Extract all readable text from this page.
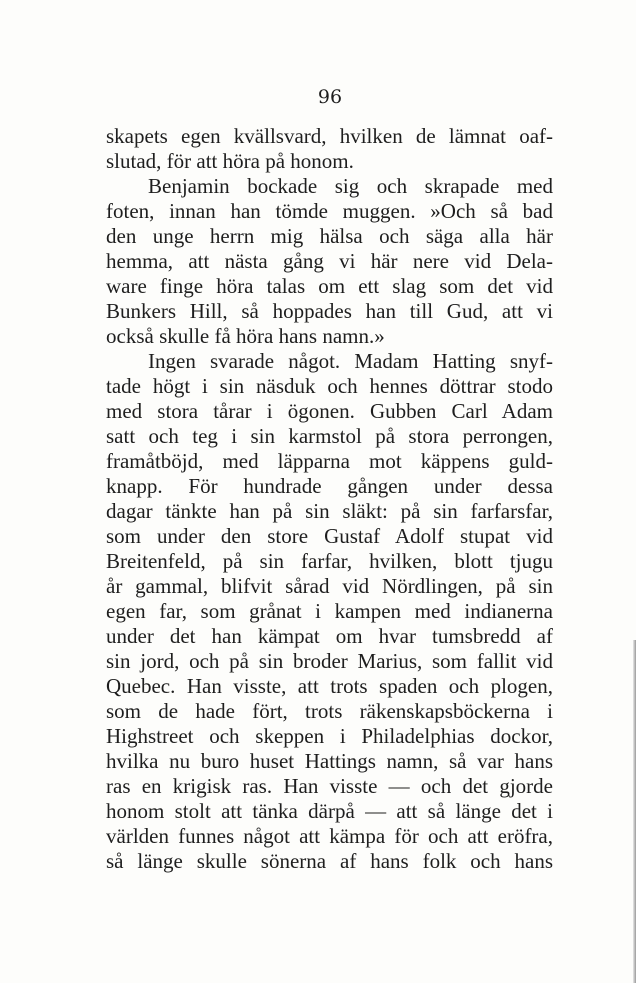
96
skapets egen kvällsvard, hvilken de lämnat oaf-
slutad, för att höra på honom.
Benjamin bockade sig och skrapade med
foten, innan han tömde muggen. »Och så bad
den unge herrn mig hälsa och säga alla här
hemma, att nästa gång vi här nere vid Dela-
ware finge höra talas om ett slag som det vid
Bunkers Hill, så hoppades han till Gud, att vi
också skulle få höra hans namn.»
Ingen svarade något. Madam Hatting snyf-
tade högt i sin näsduk och hennes döttrar stodo
med stora tårar i ögonen. Gubben Carl Adam
satt och teg i sin karmstol på stora perrongen,
framåtböjd, med läpparna mot käppens guld-
knapp. För hundrade gången under dessa
dagar tänkte han på sin släkt: på sin farfarsfar,
som under den store Gustaf Adolf stupat vid
Breitenfeld, på sin farfar, hvilken, blott tjugu
år gammal, blifvit sårad vid Nördlingen, på sin
egen far, som grånat i kampen med indianerna
under det han kämpat om hvar tumsbredd af
sin jord, och på sin broder Marius, som fallit vid
Quebec. Han visste, att trots spaden och plogen,
som de hade fört, trots räkenskapsböckerna i
Highstreet och skeppen i Philadelphias dockor,
hvilka nu buro huset Hattings namn, så var hans
ras en krigisk ras. Han visste — och det gjorde
honom stolt att tänka därpå — att så länge det i
världen funnes något att kämpa för och att eröfra,
så länge skulle sönerna af hans folk och hans
